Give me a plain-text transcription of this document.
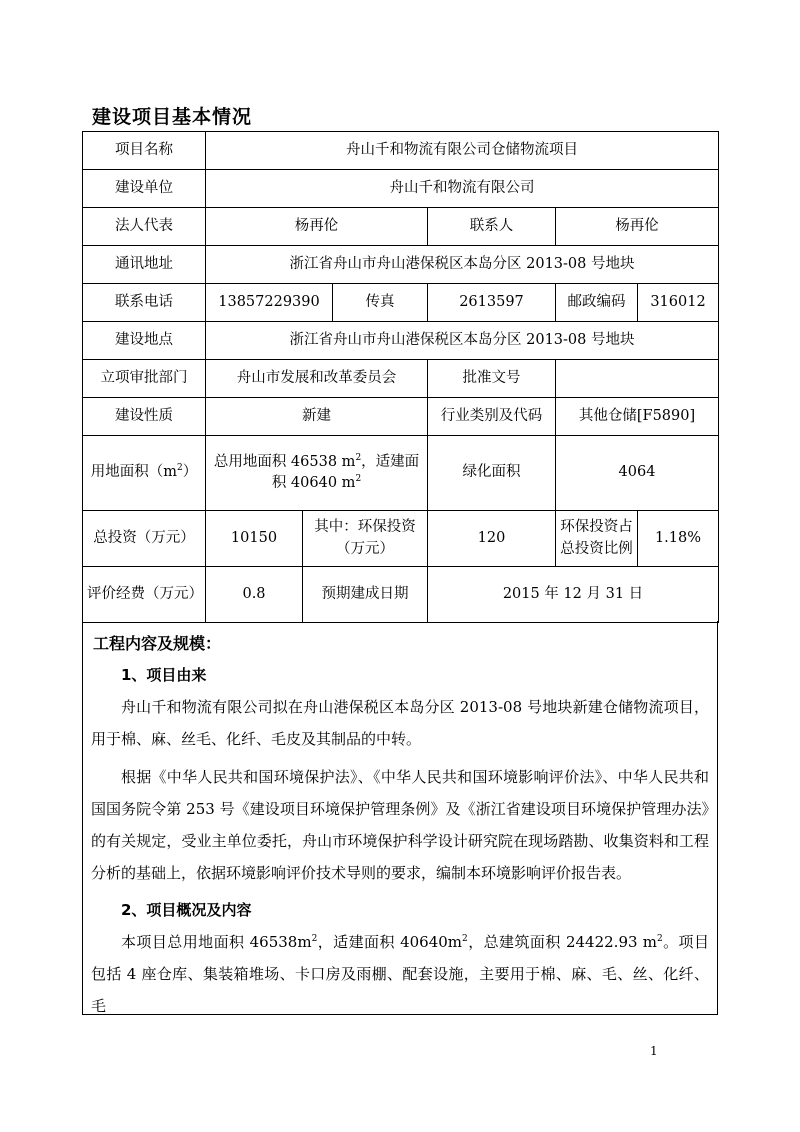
建设项目基本情况
项目名称	舟山千和物流有限公司仓储物流项目					
建设单位	舟山千和物流有限公司					
法人代表	杨再伦			联系人	杨再伦	
通讯地址	浙江省舟山市舟山港保税区本岛分区 2013-08 号地块					
联系电话	13857229390		传真	2613597	邮政编码	316012
建设地点	浙江省舟山市舟山港保税区本岛分区 2013-08 号地块					
立项审批部门	舟山市发展和改革委员会			批准文号		
建设性质	新建			行业类别及代码	其他仓储[F5890]	
用地面积$(m^2)$	总用地面积 46538 $m^2$，适建面积 40640 $m^2$			绿化面积	4064	
总投资（万元）	10150	其中：环保投资（万元）		120	环保投资占总投资比例	1.18%
评价经费（万元）	0.8	预期建成日期		2015 年 12 月 31 日		
工程内容及规模：
1、项目由来

舟山千和物流有限公司拟在舟山港保税区本岛分区 2013-08 号地块新建仓储物流项目，用于棉、麻、丝毛、化纤、毛皮及其制品的中转。

根据《中华人民共和国环境保护法》、《中华人民共和国环境影响评价法》、中华人民共和国国务院令第 253 号《建设项目环境保护管理条例》及《浙江省建设项目环境保护管理办法》的有关规定，受业主单位委托，舟山市环境保护科学设计研究院在现场踏勘、收集资料和工程分析的基础上，依据环境影响评价技术导则的要求，编制本环境影响评价报告表。

2、项目概况及内容

本项目总用地面积 $46538m^2$，适建面积 $40640m^2$，总建筑面积 24422.93 $m^2$。项目包括 4 座仓库、集装箱堆场、卡口房及雨棚、配套设施，主要用于棉、麻、毛、丝、化纤、毛

1
